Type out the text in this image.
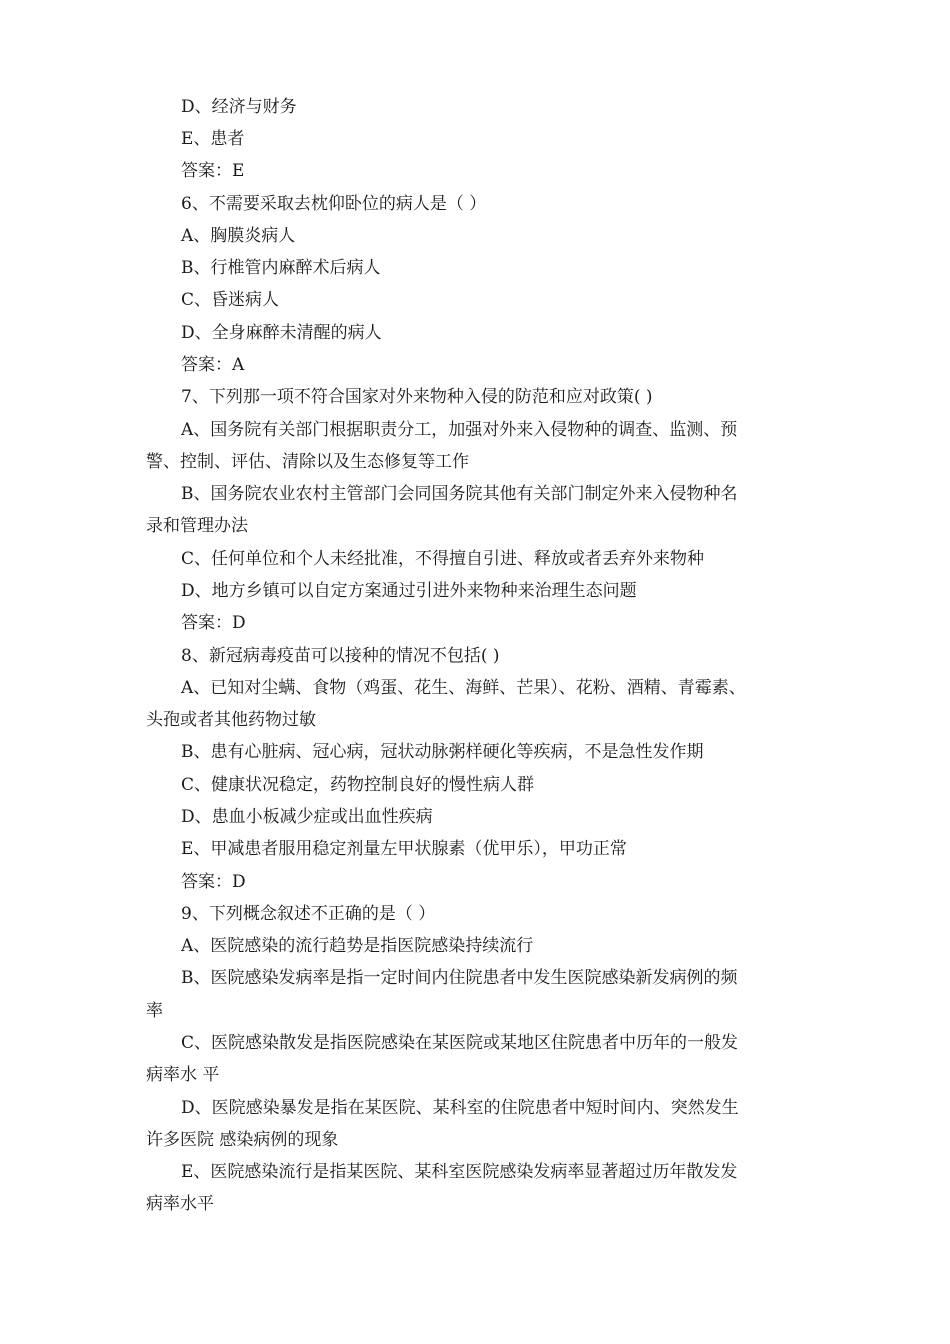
D、经济与财务
E、患者
答案：E
6、不需要采取去枕仰卧位的病人是（ ）
A、胸膜炎病人
B、行椎管内麻醉术后病人
C、昏迷病人
D、全身麻醉未清醒的病人
答案：A
7、下列那一项不符合国家对外来物种入侵的防范和应对政策( )
A、国务院有关部门根据职责分工，加强对外来入侵物种的调查、监测、预
警、控制、评估、清除以及生态修复等工作
B、国务院农业农村主管部门会同国务院其他有关部门制定外来入侵物种名
录和管理办法
C、任何单位和个人未经批准，不得擅自引进、释放或者丢弃外来物种
D、地方乡镇可以自定方案通过引进外来物种来治理生态问题
答案：D
8、新冠病毒疫苗可以接种的情况不包括( )
A、已知对尘螨、食物（鸡蛋、花生、海鲜、芒果）、花粉、酒精、青霉素、
头孢或者其他药物过敏
B、患有心脏病、冠心病，冠状动脉粥样硬化等疾病，不是急性发作期
C、健康状况稳定，药物控制良好的慢性病人群
D、患血小板减少症或出血性疾病
E、甲减患者服用稳定剂量左甲状腺素（优甲乐），甲功正常
答案：D
9、下列概念叙述不正确的是（ ）
A、医院感染的流行趋势是指医院感染持续流行
B、医院感染发病率是指一定时间内住院患者中发生医院感染新发病例的频
率
C、医院感染散发是指医院感染在某医院或某地区住院患者中历年的一般发
病率水 平
D、医院感染暴发是指在某医院、某科室的住院患者中短时间内、突然发生
许多医院 感染病例的现象
E、医院感染流行是指某医院、某科室医院感染发病率显著超过历年散发发
病率水平
